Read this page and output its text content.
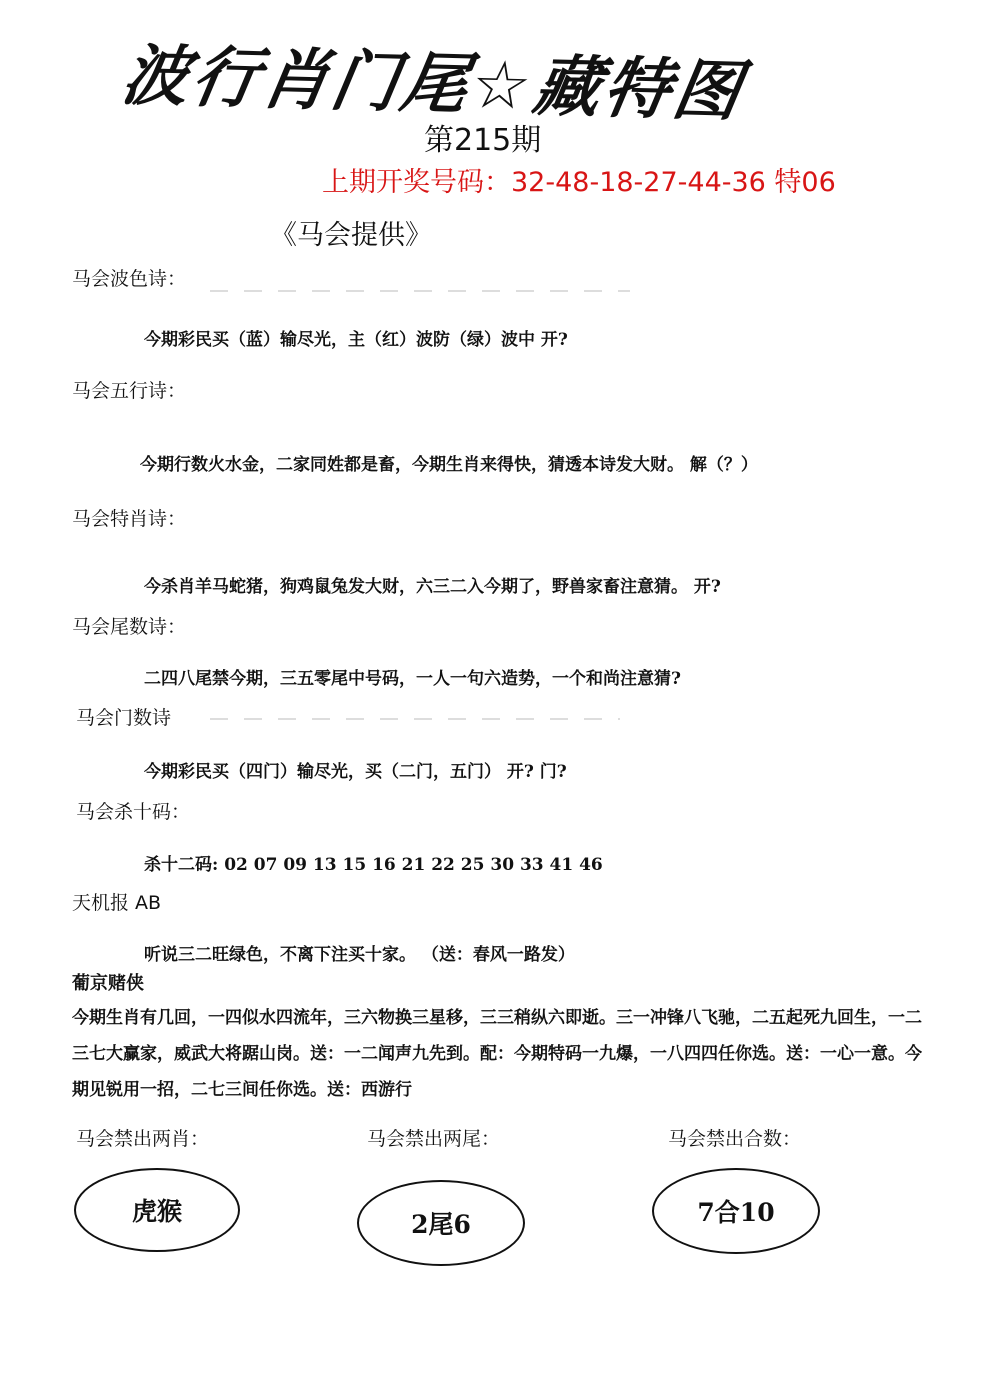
波行肖门尾☆藏特图
第215期
上期开奖号码：32-48-18-27-44-36 特06
《马会提供》
马会波色诗：
今期彩民买（蓝）输尽光，主（红）波防（绿）波中 开?
马会五行诗：
今期行数火水金，二家同姓都是畜，今期生肖来得快，猜透本诗发大财。 解（？）
马会特肖诗：
今杀肖羊马蛇猪，狗鸡鼠兔发大财，六三二入今期了，野兽家畜注意猜。 开?
马会尾数诗：
二四八尾禁今期，三五零尾中号码，一人一句六造势，一个和尚注意猜?
马会门数诗
今期彩民买（四门）输尽光，买（二门，五门） 开? 门?
马会杀十码：
杀十二码: 02 07 09 13 15 16 21 22 25 30 33 41 46
天机报 AB
听说三二旺绿色，不离下注买十家。 （送：春风一路发）
葡京赌侠

今期生肖有几回，一四似水四流年，三六物换三星移，三三稍纵六即逝。三一冲锋八飞驰，二五起死九回生，一二三七大赢家，威武大将踞山岗。送：一二闻声九先到。配：今期特码一九爆，一八四四任你选。送：一心一意。今期见锐用一招，二七三间任你选。送：西游行

马会禁出两肖：	马会禁出两尾：	马会禁出合数：
虎猴	2尾6	7合10
